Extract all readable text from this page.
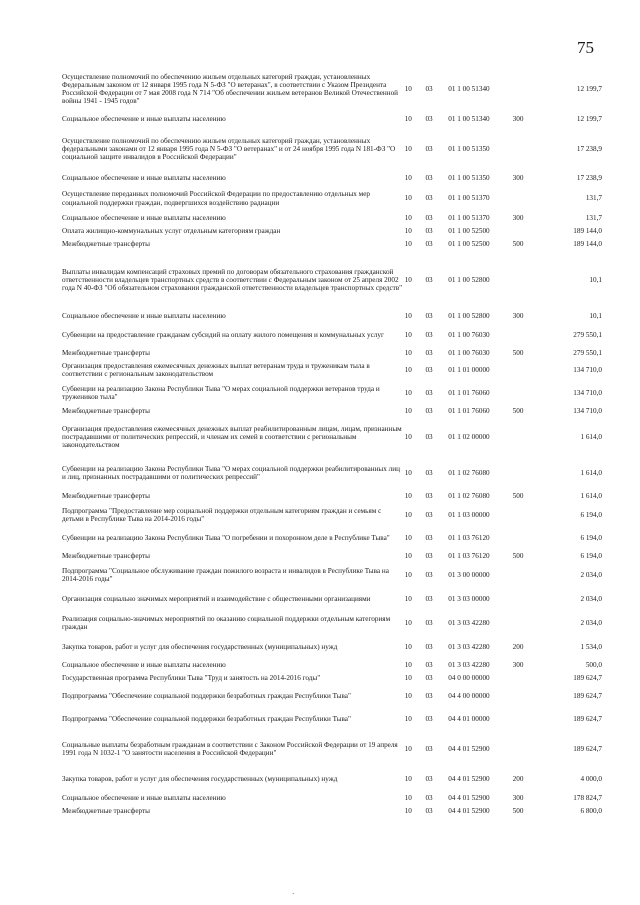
75
Осуществление полномочий по обеспечению жильем отдельных категорий граждан, установленных Федеральным законом от 12 января 1995 года N 5-ФЗ "О ветеранах", в соответствии с Указом Президента Российской Федерации от 7 мая 2008 года N 714 "Об обеспечении жильем ветеранов Великой Отечественной войны 1941 - 1945 годов"	10	03	01 1 00 51340		12 199,7
Социальное обеспечение и иные выплаты населению	10	03	01 1 00 51340	300	12 199,7
Осуществление полномочий по обеспечению жильем отдельных категорий граждан, установленных федеральными законами от 12 января 1995 года N 5-ФЗ "О ветеранах" и от 24 ноября 1995 года N 181-ФЗ "О социальной защите инвалидов в Российской Федерации"	10	03	01 1 00 51350		17 238,9
Социальное обеспечение и иные выплаты населению	10	03	01 1 00 51350	300	17 238,9
Осуществление переданных полномочий Российской Федерации по предоставлению отдельных мер социальной поддержки граждан, подвергшихся воздействию радиации	10	03	01 1 00 51370		131,7
Социальное обеспечение и иные выплаты населению	10	03	01 1 00 51370	300	131,7
Оплата жилищно-коммунальных услуг отдельным категориям граждан	10	03	01 1 00 52500		189 144,0
Межбюджетные трансферты	10	03	01 1 00 52500	500	189 144,0
Выплаты инвалидам компенсаций страховых премий по договорам обязательного страхования гражданской ответственности владельцев транспортных средств в соответствии с Федеральным законом от 25 апреля 2002 года N 40-ФЗ "Об обязательном страховании гражданской ответственности владельцев транспортных средств"	10	03	01 1 00 52800		10,1
Социальное обеспечение и иные выплаты населению	10	03	01 1 00 52800	300	10,1
Субвенции на предоставление гражданам субсидий на оплату жилого помещения и коммунальных услуг	10	03	01 1 00 76030		279 550,1
Межбюджетные трансферты	10	03	01 1 00 76030	500	279 550,1
Организация предоставления ежемесячных денежных выплат ветеранам труда и труженикам тыла в соответствии с региональным законодательством	10	03	01 1 01 00000		134 710,0
Субвенции на реализацию Закона Республики Тыва "О мерах социальной поддержки ветеранов труда и тружеников тыла"	10	03	01 1 01 76060		134 710,0
Межбюджетные трансферты	10	03	01 1 01 76060	500	134 710,0
Организация предоставления ежемесячных денежных выплат реабилитированным лицам, лицам, признанным пострадавшими от политических репрессий, и членам их семей в соответствии с региональным законодательством	10	03	01 1 02 00000		1 614,0
Субвенции на реализацию Закона Республики Тыва "О мерах социальной поддержки реабилитированных лиц и лиц, признанных пострадавшими от политических репрессий"	10	03	01 1 02 76080		1 614,0
Межбюджетные трансферты	10	03	01 1 02 76080	500	1 614,0
Подпрограмма "Предоставление мер социальной поддержки отдельным категориям граждан и семьям с детьми в Республике Тыва на 2014-2016 годы"	10	03	01 1 03 00000		6 194,0
Субвенции на реализацию Закона Республики Тыва "О погребении и похоронном деле в Республике Тыва"	10	03	01 1 03 76120		6 194,0
Межбюджетные трансферты	10	03	01 1 03 76120	500	6 194,0
Подпрограмма "Социальное обслуживание граждан пожилого возраста и инвалидов в Республике Тыва на 2014-2016 годы"	10	03	01 3 00 00000		2 034,0
Организация социально значимых мероприятий и взаимодействие с общественными организациями	10	03	01 3 03 00000		2 034,0
Реализация социально-значимых мероприятий по оказанию социальной поддержки отдельным категориям граждан	10	03	01 3 03 42280		2 034,0
Закупка товаров, работ и услуг для обеспечения государственных (муниципальных) нужд	10	03	01 3 03 42280	200	1 534,0
Социальное обеспечение и иные выплаты населению	10	03	01 3 03 42280	300	500,0
Государственная программа Республики Тыва "Труд и занятость на 2014-2016 годы"	10	03	04 0 00 00000		189 624,7
Подпрограмма "Обеспечение социальной поддержки безработных граждан Республики Тыва"	10	03	04 4 00 00000		189 624,7
Подпрограмма "Обеспечение социальной поддержки безработных граждан Республики Тыва"	10	03	04 4 01 00000		189 624,7
Социальные выплаты безработным гражданам в соответствии с Законом Российской Федерации от 19 апреля 1991 года N 1032-1 "О занятости населения в Российской Федерации"	10	03	04 4 01 52900		189 624,7
Закупка товаров, работ и услуг для обеспечения государственных (муниципальных) нужд	10	03	04 4 01 52900	200	4 000,0
Социальное обеспечение и иные выплаты населению	10	03	04 4 01 52900	300	178 824,7
Межбюджетные трансферты	10	03	04 4 01 52900	500	6 800,0
·
